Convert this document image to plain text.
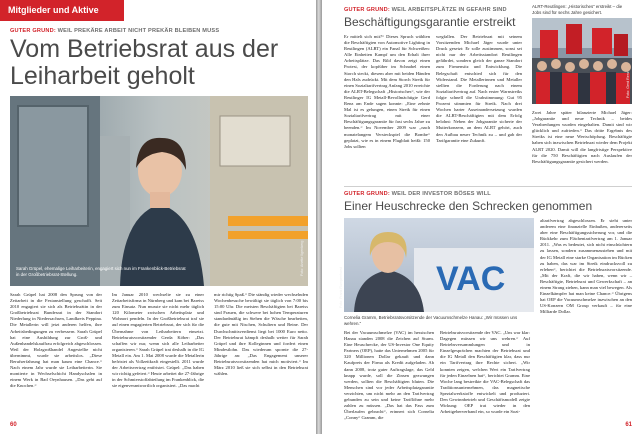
Mitglieder und Aktive
GUTER GRUND: WEIL PREKÄRE ARBEIT NICHT PREKÄR BLEIBEN MUSS
Vom Betriebsrat aus der Leiharbeit geholt
Sarah Grüpel, ehemalige Leiharbeiterin, engagiert sich nun im Frankenblick-Betriebsrat in der Großbetriebsrat-Stellung.	Foto: Anette Ilgenberg
Sarah Grüpel hat 2008 den Sprung von der Zeitarbeit in die Festanstellung geschafft. Seit 2010 engagiert sie sich als Betriebsrätin in der Großbetriebsrat Bundesrat in der Standort Niederlung in Niedersachsen, Landkreis Peppina. Die Metallerin will jetzt anderen helfen, ihre Arbeitsbedingungen zu verbessern. Sarah Grüpel hat eine Ausbildung zur Groß- und Außenhandelskauffrau erfolgreich abgeschlossen. Weil der Holzgroßhandel Angestellte nicht übernimmt, wurde sie arbeitslos. „Diese Berufserfahrung hat man kaum eine Chance.“ Nach einem Jahr wurde sie Leiharbeiterin. Sie montierte in Wechselschicht Handyschalen in einem Werk in Bad Oeynhausen. „Das geht auf die Knochen.“
Im Januar 2010 wechselte sie zu einer Zeitarbeitsfirma in Nürnberg und kam bei Bareiss zum Einsatz. Nun musste sie nicht mehr täglich 120 Kilometer zwischen Arbeitsplatz und Wohnort pendeln. In der Großbetriebsrat traf sie auf einen engagierten Betriebsrat, der sich für die Übernahme von Leiharbeitern einsetzt. Betriebsratsvorsitzender Gerda Köber: „Das schaffen wir nur, wenn sich alle Leiharbeiter organisieren.“ Sarah Grüpel trat deshalb in die IG Metall ein. Am 1. Mai 2008 wurde die Metallerin befristet als Vollzeitkraft eingestellt. 2011 wurde der Arbeitsvertrag entfristet. Grüpel: „Das haben wir richtig gefeiert.“ Heute arbeitet die 27-Jährige in der Schmierstoffabteilung im Frankenblick, die sie eigenverantwortlich organisiert. „Das macht
mir richtig Spaß.“ Die ständig wieder wechselnden Wochenbesuche bewältigt sie täglich von 7:00 bis 15:00 Uhr. Die meisten Beschäftigten bei Bareiss sind Frauen, die schwere bei hohen Temperaturen standardmäßig im Stehen die Wäsche bearbeiten, die gute mit Nischen, Schultern und Beine. Der Durchschnittsverdienst liegt bei 1000 Euro netto. Der Betriebsrat kämpft deshalb weiter für Sarah Grüpel und ihre Kolleginnen und fordert einen Mindestlohn. Das wiederum spornte die 27-Jährige an: „Das Engagement unserer Betriebsratsvorsitzenden hat mich motiviert.“ Im März 2010 ließ sie sich selbst in den Betriebsrat wählen.
60
GUTER GRUND: WEIL ARBEITSPLÄTZE IN GEFAHR SIND
Beschäftigungsgarantie erstreikt
Er mittelt sich mit?“ Dieses Spruch wählten die Beschäftigten von Automotive Lighting in Reutlingen (ALRT) ein Fanal für Schweißen: Alle Einheiten Kampf um den Erhalt ihrer Arbeitsplätze. Das Bild davon zeigt einen Protest, der kopfüber im Schnabel einen Storch steckt, diesem aber mit beiden Händen den Hals zudrückt. Mit dem Storch Streik für einen Sozialtarifvertrag Anfang 2010 erreichte die ALRT-Belegschaft „Historisches“, wie der Reutlinger IG Metall-Bevollmächtigte Gerd Renz am Ende sagen konnte: „Eine zehnte Mal ist es gelungen, einen Streik für einen Sozialtarifvertrag mit einer Beschäftigungsgarantie für fast sechs Jahre zu beenden.“ Im November 2009 war „nach monatelangem Versteckspiel die Bombe“ geplatzt, wie es in einem Flugblatt heißt: 150 Jobs sollten
wegfallen. Der Betriebsrat mit seinem Vorsitzenden Michael Jäger wurde unter Druck gesetzt: Er solle zustimmen, sonst sei nicht nur der Arbeitsstandort Reutlingen gefährdet, sondern gleich der ganze Standort zum Firmensitz und Entwicklung. Die Belegschaft entschied sich für den Widerstand. Die Metallerinnen und Metaller stellten die Forderung nach einem Sozialtarifvertrag auf. Nach erster Warnstreiks folgte schnell die Urabstimmung: Gut 95 Prozent stimmten für Streik. Nach drei Wochen harter Auseinandersetzung wurden die ALRT-Beschäftigten mit dem Erfolg belohnt: Neben der Jobgarantie sicherte der Mutterkonzern, an dem ALRT gehört, auch den Aufbau neuer Technik zu – und gab der Tarifgarantie eine Zukunft.
ALRT-Reutlingen: „Historisches“ erstreikt – die Jobs sind für sechs Jahre gesichert.
Foto: Gerd Renz
Zwei Jahre später bilanzierte Michael Jäger: „Jobgarantie und neue Technik – beides Verabredungen wurden eingehalten. Damit sind wir glücklich und zufrieden.“ Das dritte Ergebnis des Streiks ist eine neue Wertschöpfung. Beschäftigte haben sich inzwischen Betriebsrat wieder dem Projekt ALRT 2020. Damit will die langfristige Perspektive für die 750 Beschäftigten nach Auslaufen der Beschäftigungsgarantie gesichert werden.
GUTER GRUND: WEIL DER INVESTOR BÖSES WILL
Einer Heuschrecke den Schrecken genommen
VAC
Foto: Frank Rumpenhorst
Cornelia Gramm, Betriebsratsvorsitzende der Vacuumschmelze Hanau: „Wir müssen uns wehren.“
Bei der Vacuumschmelze (VAC) im hessischen Hanau standen 2008 die Zeichen auf Sturm. Eine Heuschrecke, der US-Investor One Equity Partners (OEP), hatte das Unternehmen 2005 für 320 Millionen Dollar gekauft und dann Kaufpreis der Firma als Kredit aufgeladen. Ab dann 2008, trotz guter Auftragslage, das Geld knapp wurde, soll die Zinsen gezwungen werden, sollten die Beschäftigten bluten. Die Menschen sind vor jeder Arbeitsplatzgarantie verzichten, um nicht mehr an den Tarifvertrag gebunden zu sein und keine Tariflöhne mehr zahlen zu müssen. „Das hat das Fass zum Überlaufen gebracht“, erinnert sich Cornelia „Conny“ Gramm, die
Betriebsratsvorsitzende der VAC. „Uns war klar: Dagegen müssen wir uns wehren.“ Auf Betriebsversammlungen und in Einzelgesprächen machten der Betriebsrat und die IG Metall den Beschäftigten klar, dass nur ein Tarifvertrag ihre Rechte sichert. „Wir konnten zeigen, welchen Wert ein Tarifvertrag für jeden Einzelnen hat“, berichtet Gramm. Eine Woche lang bestreikte die VAC-Belegschaft das Traditionsunternehmen, das magnetische Spezialwerkstoffe entwickelt und produziert. Den Gewinnbetrieb und Geschäftsmodell zeigte Wirkung: OEP trat wieder in den Arbeitgeberverband ein, so wurde ein Sozi-
altarifvertrag abgeschlossen. Er sieht unter anderem eine finanzielle Einbußen, andererseits aber eine Beschäftigungssicherung vor, und die Rückkehr zum Flächentarifvertrag am 1. Januar 2011. „Was es bedeutet, sich nicht einschüchtern zu lassen, sondern zusammenzustehen und mit der IG Metall eine starke Organisation im Rücken zu haben, das war im Streik eindrucksvoll zu erleben“, berichtet die Betriebsratsvorsitzende. „Mit der Kraft, die wir haben, wenn wir – Beschäftigte, Betriebsrat und Gewerkschaft – an einem Strang ziehen, kann man viel bewegen. Als Einzelkämpfer hat man keine Chance.“ Übrigens hat OEP die Vacuumschmelze inzwischen an den US-Konzern OM Group verkauft – für eine Milliarde Dollar.
61
